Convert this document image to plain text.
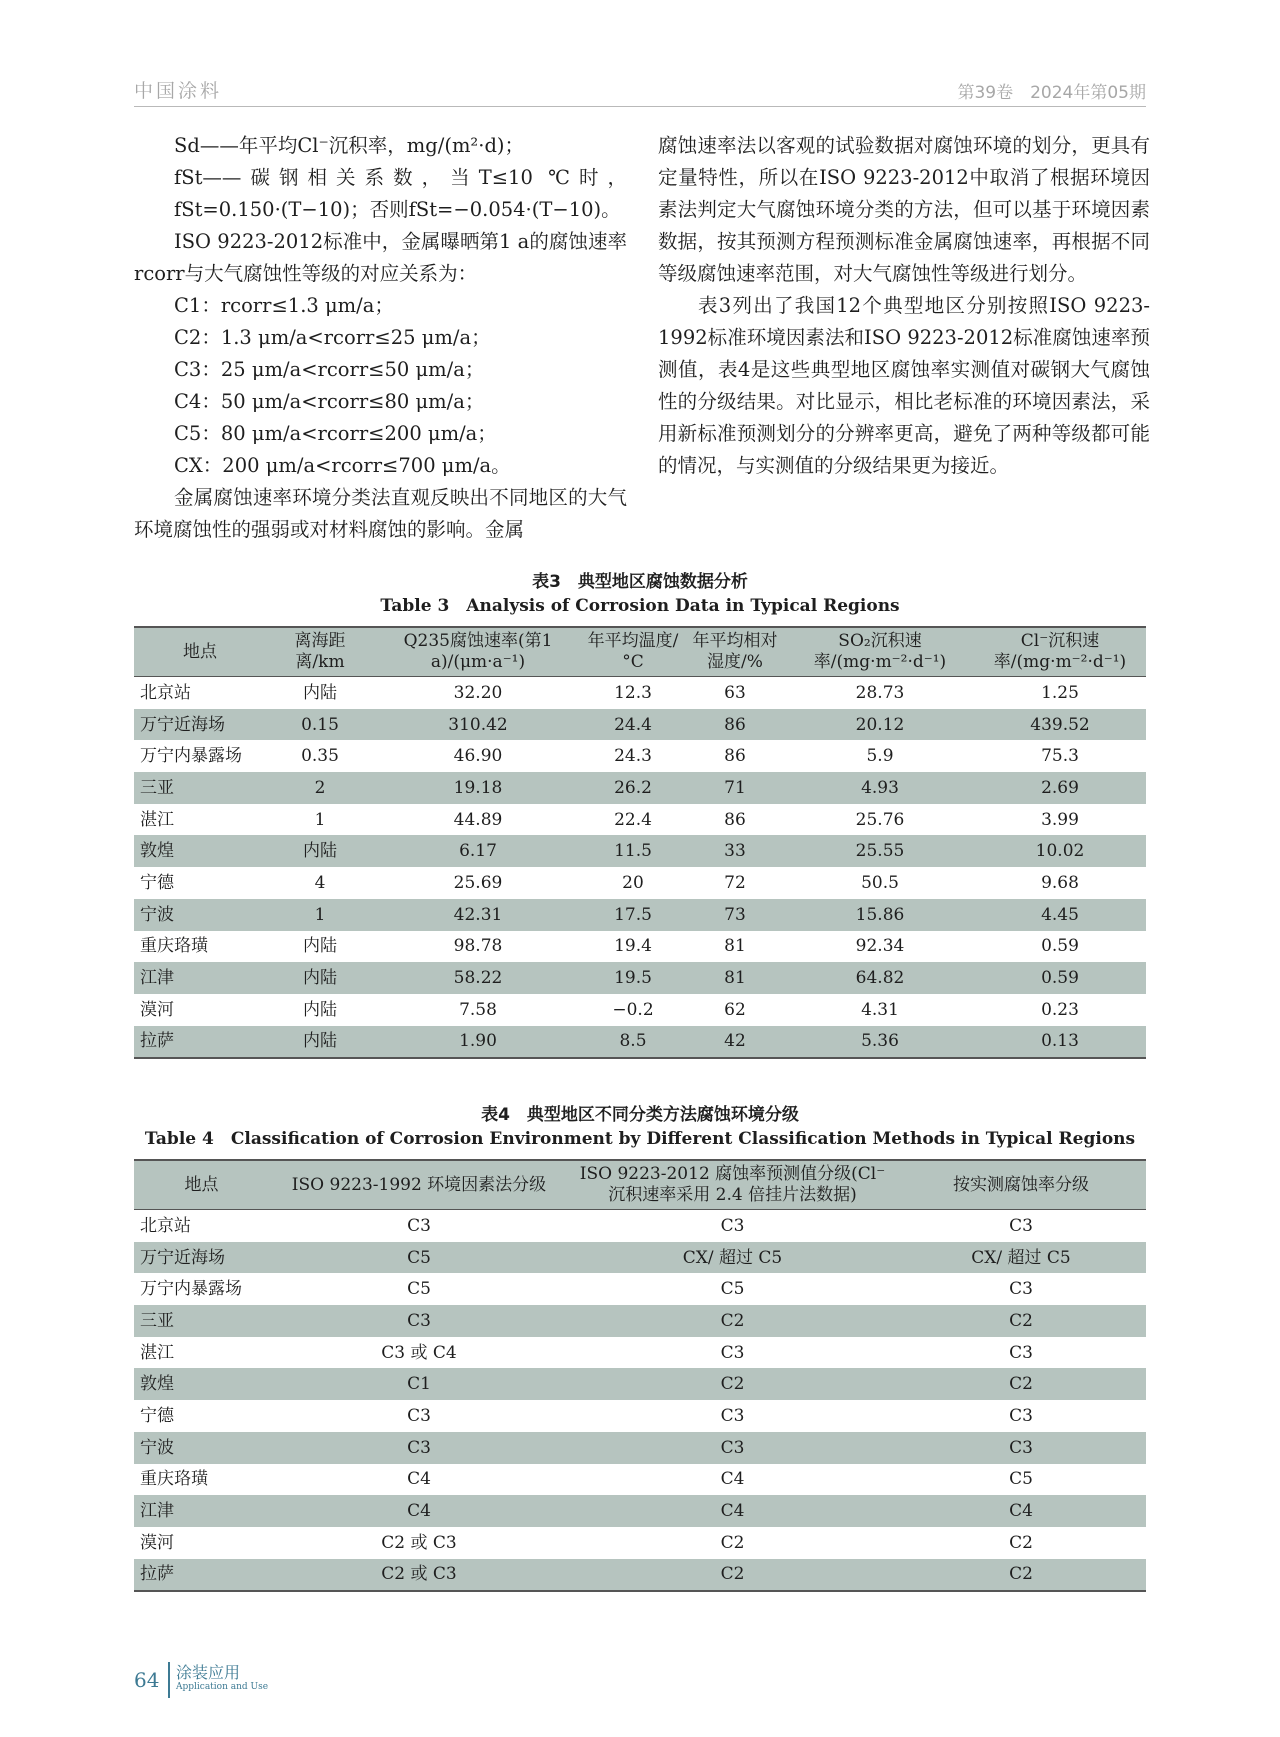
中国涂料	第39卷　2024年第05期

Sd——年平均Cl⁻沉积率，mg/(m²·d)；

fSt——碳钢相关系数，当T≤10 ℃时，fSt=0.150·(T−10)；否则fSt=−0.054·(T−10)。

ISO 9223-2012标准中，金属曝晒第1 a的腐蚀速率rcorr与大气腐蚀性等级的对应关系为：

C1：rcorr≤1.3 μm/a；

C2：1.3 μm/a<rcorr≤25 μm/a；

C3：25 μm/a<rcorr≤50 μm/a；

C4：50 μm/a<rcorr≤80 μm/a；

C5：80 μm/a<rcorr≤200 μm/a；

CX：200 μm/a<rcorr≤700 μm/a。

金属腐蚀速率环境分类法直观反映出不同地区的大气环境腐蚀性的强弱或对材料腐蚀的影响。金属

腐蚀速率法以客观的试验数据对腐蚀环境的划分，更具有定量特性，所以在ISO 9223-2012中取消了根据环境因素法判定大气腐蚀环境分类的方法，但可以基于环境因素数据，按其预测方程预测标准金属腐蚀速率，再根据不同等级腐蚀速率范围，对大气腐蚀性等级进行划分。

表3列出了我国12个典型地区分别按照ISO 9223-1992标准环境因素法和ISO 9223-2012标准腐蚀速率预测值，表4是这些典型地区腐蚀率实测值对碳钢大气腐蚀性的分级结果。对比显示，相比老标准的环境因素法，采用新标准预测划分的分辨率更高，避免了两种等级都可能的情况，与实测值的分级结果更为接近。

表3　典型地区腐蚀数据分析
Table 3　Analysis of Corrosion Data in Typical Regions
地点	离海距离/km	Q235腐蚀速率(第1 a)/(μm·a⁻¹)	年平均温度/°C	年平均相对湿度/%	SO₂沉积速率/(mg·m⁻²·d⁻¹)	Cl⁻沉积速率/(mg·m⁻²·d⁻¹)
北京站	内陆	32.20	12.3	63	28.73	1.25
万宁近海场	0.15	310.42	24.4	86	20.12	439.52
万宁内暴露场	0.35	46.90	24.3	86	5.9	75.3
三亚	2	19.18	26.2	71	4.93	2.69
湛江	1	44.89	22.4	86	25.76	3.99
敦煌	内陆	6.17	11.5	33	25.55	10.02
宁德	4	25.69	20	72	50.5	9.68
宁波	1	42.31	17.5	73	15.86	4.45
重庆珞璜	内陆	98.78	19.4	81	92.34	0.59
江津	内陆	58.22	19.5	81	64.82	0.59
漠河	内陆	7.58	−0.2	62	4.31	0.23
拉萨	内陆	1.90	8.5	42	5.36	0.13
表4　典型地区不同分类方法腐蚀环境分级
Table 4　Classification of Corrosion Environment by Different Classification Methods in Typical Regions
地点	ISO 9223-1992 环境因素法分级	ISO 9223-2012 腐蚀率预测值分级(Cl⁻沉积速率采用 2.4 倍挂片法数据)	按实测腐蚀率分级
北京站	C3	C3	C3
万宁近海场	C5	CX/ 超过 C5	CX/ 超过 C5
万宁内暴露场	C5	C5	C3
三亚	C3	C2	C2
湛江	C3 或 C4	C3	C3
敦煌	C1	C2	C2
宁德	C3	C3	C3
宁波	C3	C3	C3
重庆珞璜	C4	C4	C5
江津	C4	C4	C4
漠河	C2 或 C3	C2	C2
拉萨	C2 或 C3	C2	C2
64 涂装应用
Application and Use
